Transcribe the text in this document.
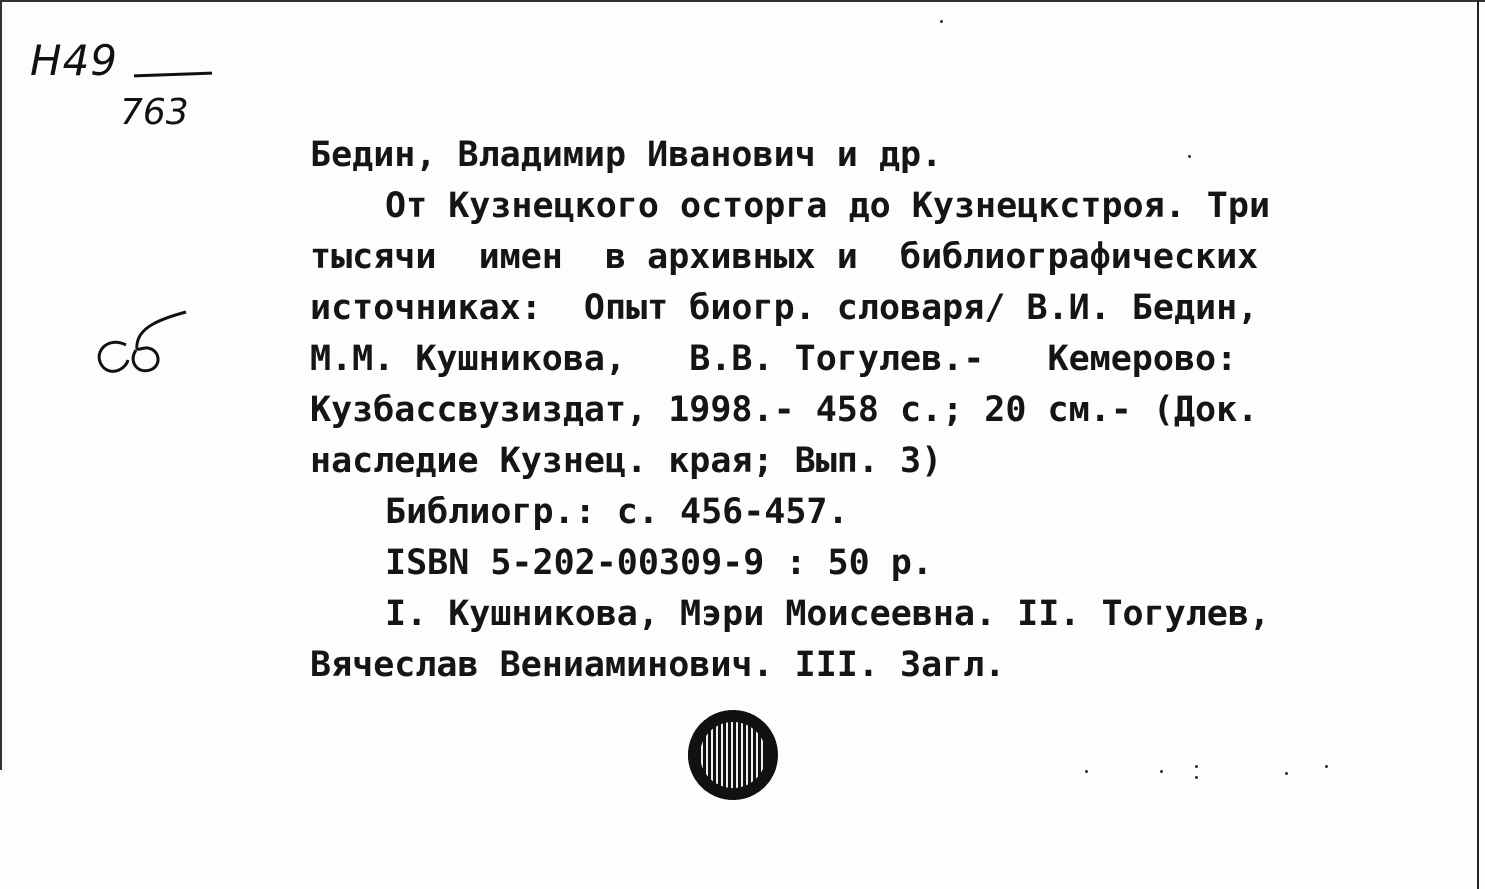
Н49
763
Бедин, Владимир Иванович и др.
От Кузнецкого осторга до Кузнецкстроя. Три
тысячи  имен  в архивных и  библиографических
источниках:  Опыт биогр. словаря/ В.И. Бедин,
М.М. Кушникова,   В.В. Тогулев.-   Кемерово:
Кузбассвузиздат, 1998.- 458 с.; 20 см.- (Док.
наследие Кузнец. края; Вып. 3)
Библиогр.: с. 456-457.
ISBN 5-202-00309-9 : 50 р.
I. Кушникова, Мэри Моисеевна. II. Тогулев,
Вячеслав Вениаминович. III. Загл.
